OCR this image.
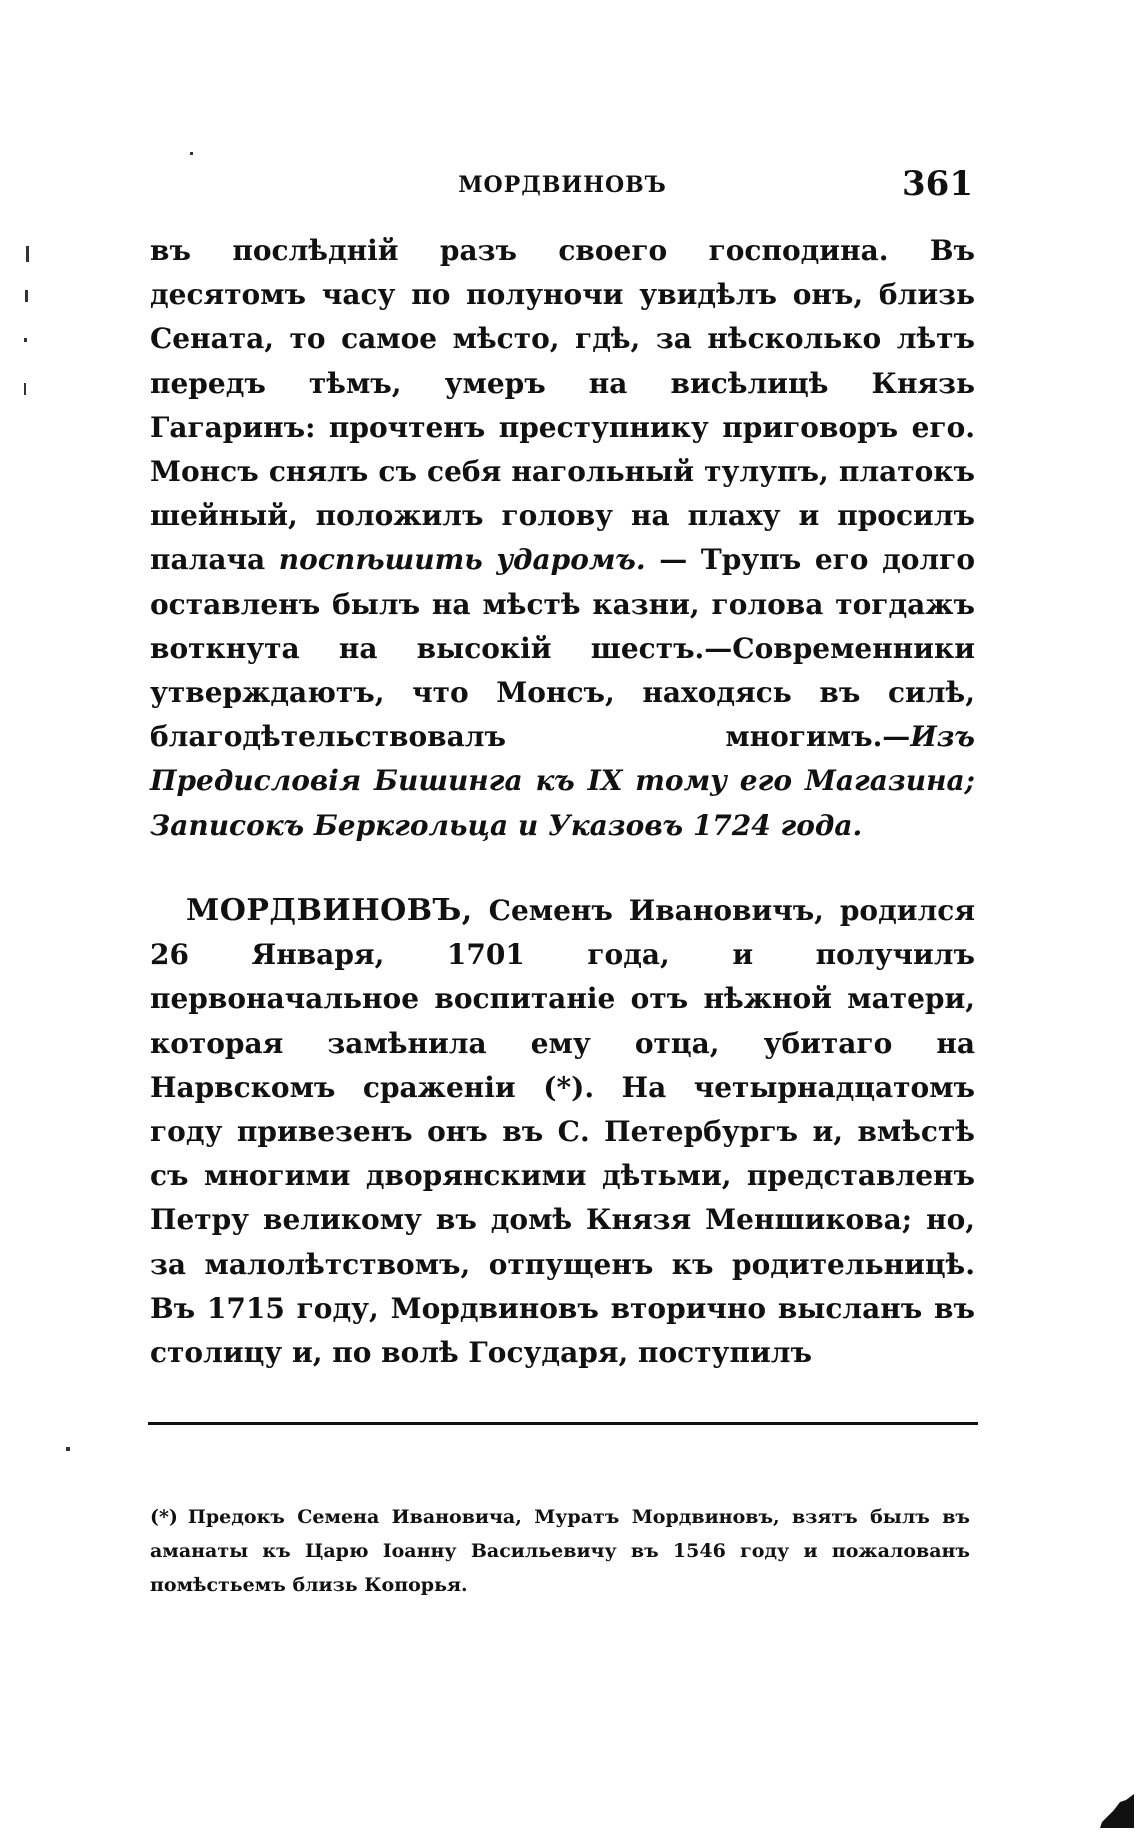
МОРДВИНОВЪ	361

въ послѣдній разъ своего господина. Въ десятомъ часу по полуночи увидѣлъ онъ, близь Сената, то самое мѣсто, гдѣ, за нѣсколько лѣтъ передъ тѣмъ, умеръ на висѣлицѣ Князь Гагаринъ: прочтенъ преступнику приговоръ его. Монсъ снялъ съ себя нагольный тулупъ, платокъ шейный, положилъ голову на плаху и просилъ палача поспѣшить ударомъ. — Трупъ его долго оставленъ былъ на мѣстѣ казни, голова тогдажъ воткнута на высокій шестъ.—Современники утверждаютъ, что Монсъ, находясь въ силѣ, благодѣтельствовалъ многимъ.—Изъ Предисловія Бишинга къ IX тому его Магазина; Записокъ Беркгольца и Указовъ 1724 года.

МОРДВИНОВЪ, Семенъ Ивановичъ, родился 26 Января, 1701 года, и получилъ первоначальное воспитаніе отъ нѣжной матери, которая замѣнила ему отца, убитаго на Нарвскомъ сраженіи (*). На четырнадцатомъ году привезенъ онъ въ С. Петербургъ и, вмѣстѣ съ многими дворянскими дѣтьми, представленъ Петру великому въ домѣ Князя Меншикова; но, за малолѣтствомъ, отпущенъ къ родительницѣ. Въ 1715 году, Мордвиновъ вторично высланъ въ столицу и, по волѣ Государя, поступилъ

(*) Предокъ Семена Ивановича, Муратъ Мордвиновъ, взятъ былъ въ аманаты къ Царю Іоанну Васильевичу въ 1546 году и пожалованъ помѣстьемъ близь Копорья.
